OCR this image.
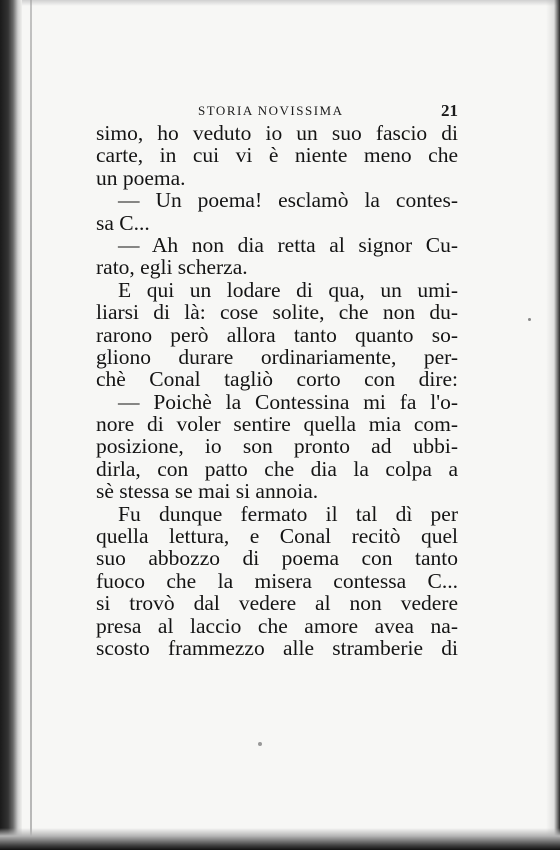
STORIA NOVISSIMA	21
simo, ho veduto io un suo fascio di
carte, in cui vi è niente meno che
un poema.
— Un poema! esclamò la contes-
sa C...
— Ah non dia retta al signor Cu-
rato, egli scherza.
E qui un lodare di qua, un umi-
liarsi di là: cose solite, che non du-
rarono però allora tanto quanto so-
gliono durare ordinariamente, per-
chè Conal tagliò corto con dire:
— Poichè la Contessina mi fa l'o-
nore di voler sentire quella mia com-
posizione, io son pronto ad ubbi-
dirla, con patto che dia la colpa a
sè stessa se mai si annoia.
Fu dunque fermato il tal dì per
quella lettura, e Conal recitò quel
suo abbozzo di poema con tanto
fuoco che la misera contessa C...
si trovò dal vedere al non vedere
presa al laccio che amore avea na-
scosto frammezzo alle stramberie di
